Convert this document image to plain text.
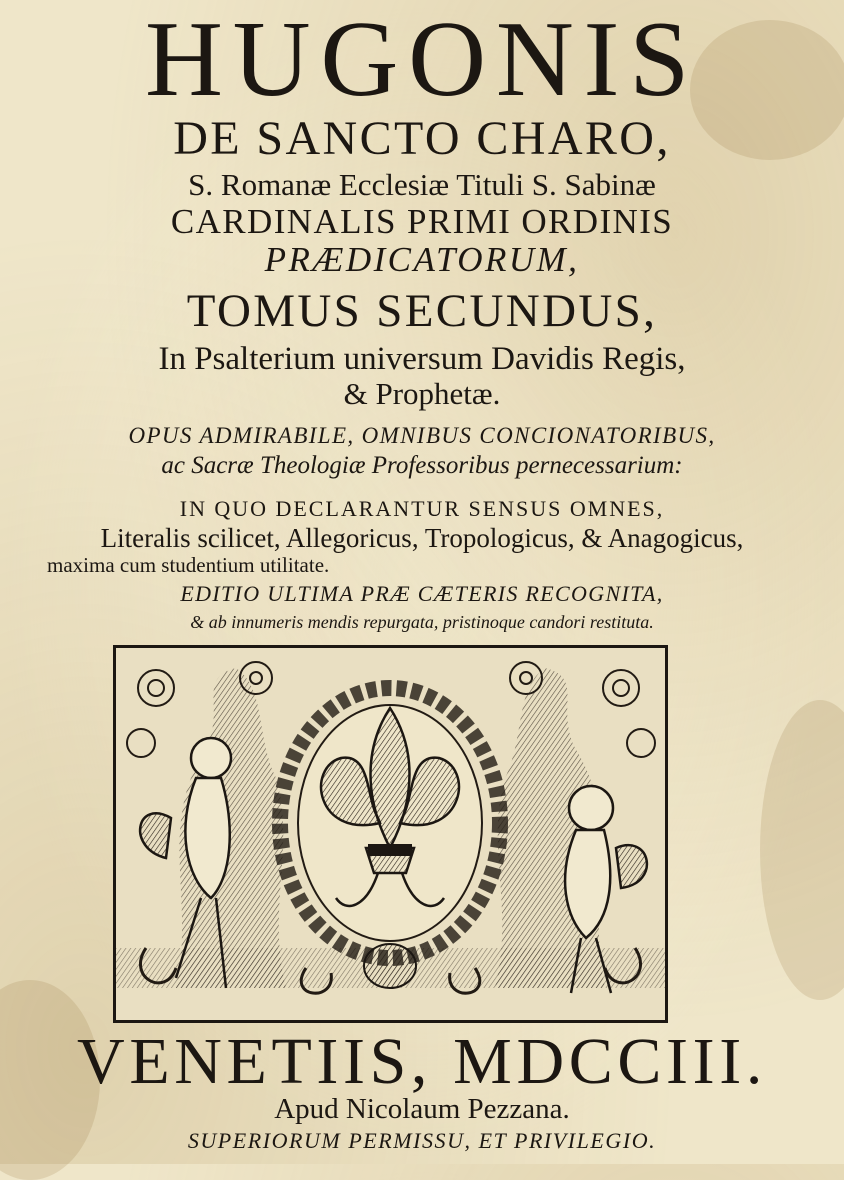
HUGONIS
DE SANCTO CHARO,
S. Romanæ Ecclesiæ Tituli S. Sabinæ
CARDINALIS PRIMI ORDINIS
PRÆDICATORUM,
TOMUS SECUNDUS,
In Psalterium universum Davidis Regis,
& Prophetæ.
OPUS ADMIRABILE, OMNIBUS CONCIONATORIBUS,
ac Sacræ Theologiæ Professoribus pernecessarium:
IN QUO DECLARANTUR SENSUS OMNES,
Literalis scilicet, Allegoricus, Tropologicus, & Anagogicus,
maxima cum studentium utilitate.
EDITIO ULTIMA PRÆ CÆTERIS RECOGNITA,
& ab innumeris mendis repurgata, pristinoque candori restituta.
VENETIIS, MDCCIII.
Apud Nicolaum Pezzana.
SUPERIORUM PERMISSU, ET PRIVILEGIO.
